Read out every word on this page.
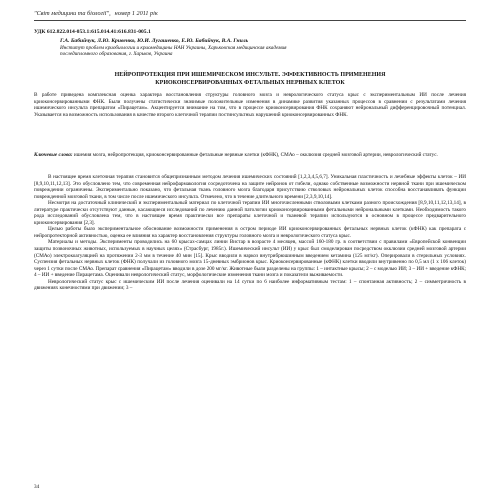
"Світ медицини та біології", номер 1 2011 рік
УДК 612.822.014-053.1:615.014.41:616.831-005.1
Г.А. Бабийчук, Л.Ю. Кривенко, Ю.И. Лугашенко, Е.Ю. Бабийчук, В.А. Гниль
Институт проблем криобиологии и криомедицины НАН Украины, Харьковская медицинская академия
последипломного образования, г. Харьков, Украина
НЕЙРОПРОТЕКЦИЯ ПРИ ИШЕМИЧЕСКОМ ИНСУЛЬТЕ. ЭФФЕКТИВНОСТЬ ПРИМЕНЕНИЯ
КРИОКОНСЕРВИРОВАННЫХ ФЕТАЛЬНЫХ НЕРВНЫХ КЛЕТОК
В работе приведена комплексная оценка характера восстановления структуры головного мозга и неврологического статуса крыс с экспериментальным ИИ после лечения криоконсервированными ФНК. Были получены статистически значимые положительные изменения в динамике развития указанных процессов в сравнении с результатами лечения ишемического инсульта препаратом «Пирацетам». Акцентируется внимание на том, что в процессе криоконсервирования ФНК сохраняют нейрональный дифференцировочный потенциал. Указывается на возможность использования в качестве второго клеточной терапии постинсультных нарушений криоконсервированных ФНК.
Ключевые слова: ишемия мозга, нейропротекция, криоконсервированные фетальные нервные клетки (кФНК), СМАо – окклюзия средней мозговой артерии, неврологический статус.

В настоящее время клеточная терапия становится общепризнанным методом лечения ишемических состояний [1,2,3,4,5,6,7]. Уникальная пластичность и лечебные эффекты клеток – ИИ [8,9,10,11,12,13]. Это обусловлено тем, что современная нейрофармакология сосредоточена на защите нейронов от гибели, однако собственные возможности нервной ткани при ишемическом повреждении ограничены. Экспериментально показано, что фетальная ткань головного мозга благодаря присутствию стволовых нейрональных клеток способна восстанавливать функции поврежденной мозговой ткани, в том числе после ишемического инсульта. Отмечено, что в течение длительного времени [2,3,9,10,14].

Несмотря на достаточный клинический и экспериментальный материал по клеточной терапии ИИ многочисленными стволовыми клетками разного происхождения [8,9,10,11,12,13,14], в литературе практически отсутствуют данные, касающиеся исследований по лечению данной патологии криоконсервированными фетальными нейрональными клетками. Необходимость такого рода исследований обусловлена тем, что в настоящее время практически все препараты клеточной и тканевой терапии используются в основном в процессе предварительного криоконсервирования [2,3].

Целью работы было экспериментальное обоснование возможности применения в остром периоде ИИ криоконсервированных фетальных нервных клеток (кФНК) как препарата с нейропротекторной активностью, оценка ее влияния на характер восстановления структуры головного мозга и неврологического статуса крыс.

Материалы и методы. Эксперименты проводились на 60 крысах-самцах линии Вистар в возрасте 4 месяцев, массой 160-180 гр. в соответствии с правилами «Европейской конвенции защиты позвоночных животных, используемых в научных целях» (Страсбург, 1985г.). Ишемический инсульт (ИИ) у крыс был смоделирован посредством окклюзии средней мозговой артерии (СМАо) электрокоагуляцией на протяжении 2-3 мм в течение 40 мин [15]. Крыс вводили в наркоз внутрибрюшинным введением кетамина (125 мг/кг). Опериpовали в стерильных условиях. Суспензия фетальных нервных клеток (ФНК) получали из головного мозга 15-дневных эмбрионов крыс. Криоконсервированные (кФНК) клетки вводили внутривенно по 0,5 мл (1 х 106 клеток) через 1 сутки после СМАо. Препарат сравнения «Пирацетам» вводили в дозе 200 мг/кг. Животные были разделены на группы: 1 – интактные крысы; 2 – с моделью ИИ; 3 – ИИ + введение кФНК; 4 – ИИ + введение Пирацетама. Оценивали неврологический статус, морфологические изменения ткани мозга и показатели выживаемости.

Неврологический статус крыс с ишемическим ИИ после лечения оценивали на 14 сутки по 6 наиболее информативным тестам: 1 – спонтанная активность; 2 – симметричность в движениях конечностями при движении; 3 –

34
